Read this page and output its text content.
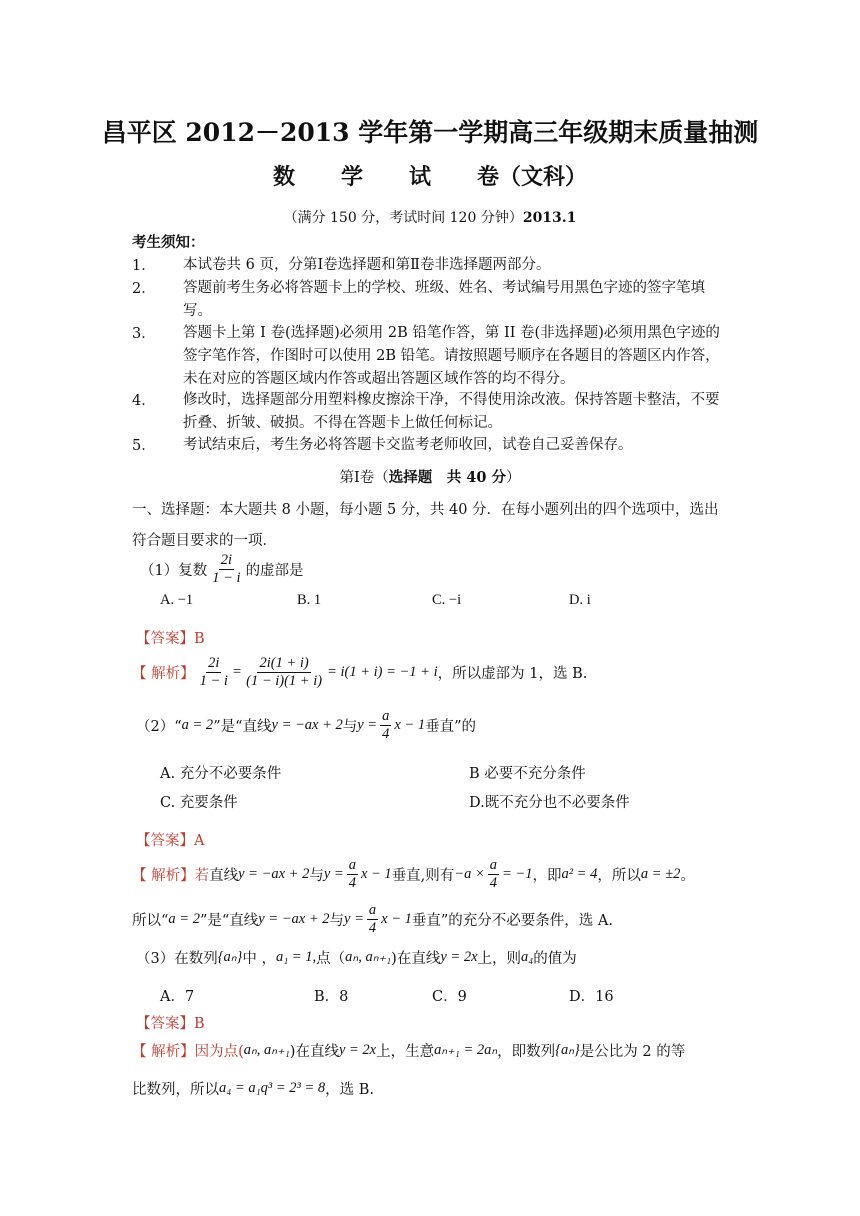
昌平区 2012－2013 学年第一学期高三年级期末质量抽测
数 学 试 卷（文科）
（满分 150 分，考试时间 120 分钟）2013.1
考生须知：
1． 本试卷共 6 页，分第Ⅰ卷选择题和第Ⅱ卷非选择题两部分。
2． 答题前考生务必将答题卡上的学校、班级、姓名、考试编号用黑色字迹的签字笔填写。
3． 答题卡上第 I 卷(选择题)必须用 2B 铅笔作答，第 II 卷(非选择题)必须用黑色字迹的签字笔作答，作图时可以使用 2B 铅笔。请按照题号顺序在各题目的答题区内作答，未在对应的答题区域内作答或超出答题区域作答的均不得分。
4． 修改时，选择题部分用塑料橡皮擦涂干净，不得使用涂改液。保持答题卡整洁，不要折叠、折皱、破损。不得在答题卡上做任何标记。
5． 考试结束后，考生务必将答题卡交监考老师收回，试卷自己妥善保存。
第Ⅰ卷（选择题　共 40 分）
一、选择题：本大题共 8 小题，每小题 5 分，共 40 分．在每小题列出的四个选项中，选出
符合题目要求的一项．
（1）复数 $\frac{2i}{1 - i}$ 的虚部是
A. −1	B. 1	C. −i	D. i
【答案】B
【 解析】 $\frac{2i}{1 - i} = \frac{2i(1 + i)}{(1 - i)(1 + i)} = i(1 + i) = -1 + i$ ，所以虚部为 1，选 B.
（2）“ a = 2 ”是“直线 y = −ax + 2 与 $y = \frac{a}{4}$ x − 1 垂直”的
A. 充分不必要条件	B 必要不充分条件
C. 充要条件	D.既不充分也不必要条件
【答案】A
【 解析】 若 直线 y = −ax + 2 与 $y = \frac{a}{4}$ x − 1 垂直,则有 $-a \times \frac{a}{4} = -1$ ，即 a² = 4 ，所以 a = ±2 。
所以“ a = 2 ”是“直线 y = −ax + 2 与 $y = \frac{a}{4}$ x − 1 垂直”的充分不必要条件，选 A.
（3）在数列 {aₙ} 中 ， a₁ = 1, 点（ aₙ, aₙ₊₁ )在直线 y = 2x 上，则 a₄ 的值为
A．7	B．8	C．9	D．16
【答案】B
【 解析】 因为点( aₙ, aₙ₊₁ )在直线 y = 2x 上，生意 aₙ₊₁ = 2aₙ ，即数列 {aₙ} 是公比为 2 的等
比数列，所以 a₄ = a₁q³ = 2³ = 8 ，选 B.
